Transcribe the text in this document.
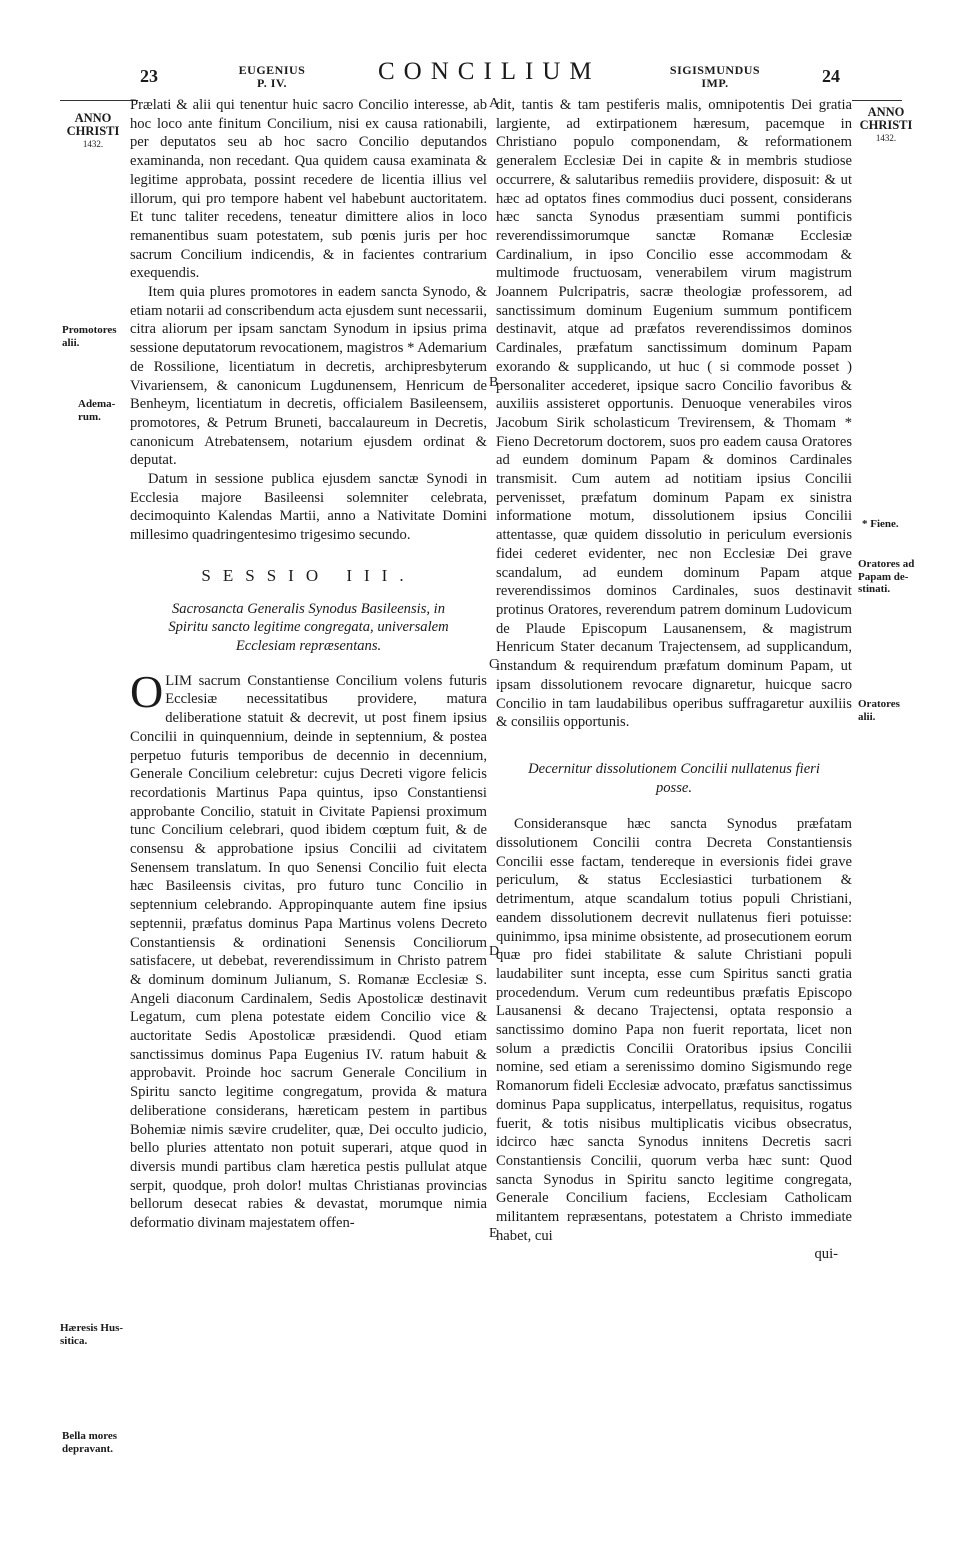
23	EUGENIUS
P. IV.	CONCILIUM	SIGISMUNDUS
IMP.	24
ANNO
CHRISTI
1432.
Promotores
alii.
Adema-
rum.
Hæresis Hus-
sitica.
Bella mores
depravant.
ANNO
CHRISTI
1432.
* Fiene.
Oratores ad
Papam de-
stinati.
Oratores
alii.
A
B
C
D
E

Prælati & alii qui tenentur huic sacro Concilio interesse, ab hoc loco ante finitum Concilium, nisi ex causa rationabili, per deputatos seu ab hoc sacro Concilio deputandos examinanda, non recedant. Qua quidem causa examinata & legitime approbata, possint recedere de licentia illius vel illorum, qui pro tempore habent vel habebunt auctoritatem. Et tunc taliter recedens, teneatur dimittere alios in loco remanentibus suam potestatem, sub pœnis juris per hoc sacrum Concilium indicendis, & in facientes contrarium exequendis.

Item quia plures promotores in eadem sancta Synodo, & etiam notarii ad conscribendum acta ejusdem sunt necessarii, citra aliorum per ipsam sanctam Synodum in ipsius prima sessione deputatorum revocationem, magistros * Ademarium de Rossilione, licentiatum in decretis, archipresbyterum Vivariensem, & canonicum Lugdunensem, Henricum de Benheym, licentiatum in decretis, officialem Basileensem, promotores, & Petrum Bruneti, baccalaureum in Decretis, canonicum Atrebatensem, notarium ejusdem ordinat & deputat.

Datum in sessione publica ejusdem sanctæ Synodi in Ecclesia majore Basileensi solemniter celebrata, decimoquinto Kalendas Martii, anno a Nativitate Domini millesimo quadringentesimo trigesimo secundo.

SESSIO III.
Sacrosancta Generalis Synodus Basileensis, in Spiritu sancto legitime congregata, universalem Ecclesiam repræsentans.
O LIM sacrum Constantiense Concilium volens futuris Ecclesiæ necessitatibus providere, matura deliberatione statuit & decrevit, ut post finem ipsius Concilii in quinquennium, deinde in septennium, & postea perpetuo futuris temporibus de decennio in decennium, Generale Concilium celebretur: cujus Decreti vigore felicis recordationis Martinus Papa quintus, ipso Constantiensi approbante Concilio, statuit in Civitate Papiensi proximum tunc Concilium celebrari, quod ibidem cœptum fuit, & de consensu & approbatione ipsius Concilii ad civitatem Senensem translatum. In quo Senensi Concilio fuit electa hæc Basileensis civitas, pro futuro tunc Concilio in septennium celebrando. Appropinquante autem fine ipsius septennii, præfatus dominus Papa Martinus volens Decreto Constantiensis & ordinationi Senensis Conciliorum satisfacere, ut debebat, reverendissimum in Christo patrem & dominum dominum Julianum, S. Romanæ Ecclesiæ S. Angeli diaconum Cardinalem, Sedis Apostolicæ destinavit Legatum, cum plena potestate eidem Concilio vice & auctoritate Sedis Apostolicæ præsidendi. Quod etiam sanctissimus dominus Papa Eugenius IV. ratum habuit & approbavit. Proinde hoc sacrum Generale Concilium in Spiritu sancto legitime congregatum, provida & matura deliberatione considerans, hæreticam pestem in partibus Bohemiæ nimis sævire crudeliter, quæ, Dei occulto judicio, bello pluries attentato non potuit superari, atque quod in diversis mundi partibus clam hæretica pestis pullulat atque serpit, quodque, proh dolor! multas Christianas provincias bellorum desecat rabies & devastat, morumque nimia deformatio divinam majestatem offen-

dit, tantis & tam pestiferis malis, omnipotentis Dei gratia largiente, ad extirpationem hæresum, pacemque in Christiano populo componendam, & reformationem generalem Ecclesiæ Dei in capite & in membris studiose occurrere, & salutaribus remediis providere, disposuit: & ut hæc ad optatos fines commodius duci possent, considerans hæc sancta Synodus præsentiam summi pontificis reverendissimorumque sanctæ Romanæ Ecclesiæ Cardinalium, in ipso Concilio esse accommodam & multimode fructuosam, venerabilem virum magistrum Joannem Pulcripatris, sacræ theologiæ professorem, ad sanctissimum dominum Eugenium summum pontificem destinavit, atque ad præfatos reverendissimos dominos Cardinales, præfatum sanctissimum dominum Papam exorando & supplicando, ut huc ( si commode posset ) personaliter accederet, ipsique sacro Concilio favoribus & auxiliis assisteret opportunis. Denuoque venerabiles viros Jacobum Sirik scholasticum Trevirensem, & Thomam * Fieno Decretorum doctorem, suos pro eadem causa Oratores ad eundem dominum Papam & dominos Cardinales transmisit. Cum autem ad notitiam ipsius Concilii pervenisset, præfatum dominum Papam ex sinistra informatione motum, dissolutionem ipsius Concilii attentasse, quæ quidem dissolutio in periculum eversionis fidei cederet evidenter, nec non Ecclesiæ Dei grave scandalum, ad eundem dominum Papam atque reverendissimos dominos Cardinales, suos destinavit protinus Oratores, reverendum patrem dominum Ludovicum de Plaude Episcopum Lausanensem, & magistrum Henricum Stater decanum Trajectensem, ad supplicandum, instandum & requirendum præfatum dominum Papam, ut ipsam dissolutionem revocare dignaretur, huicque sacro Concilio in tam laudabilibus operibus suffragaretur auxiliis & consiliis opportunis.

Decernitur dissolutionem Concilii nullatenus fieri posse.

Consideransque hæc sancta Synodus præfatam dissolutionem Concilii contra Decreta Constantiensis Concilii esse factam, tendereque in eversionis fidei grave periculum, & status Ecclesiastici turbationem & detrimentum, atque scandalum totius populi Christiani, eandem dissolutionem decrevit nullatenus fieri potuisse: quinimmo, ipsa minime obsistente, ad prosecutionem eorum quæ pro fidei stabilitate & salute Christiani populi laudabiliter sunt incepta, esse cum Spiritus sancti gratia procedendum. Verum cum redeuntibus præfatis Episcopo Lausanensi & decano Trajectensi, optata responsio a sanctissimo domino Papa non fuerit reportata, licet non solum a prædictis Concilii Oratoribus ipsius Concilii nomine, sed etiam a serenissimo domino Sigismundo rege Romanorum fideli Ecclesiæ advocato, præfatus sanctissimus dominus Papa supplicatus, interpellatus, requisitus, rogatus fuerit, & totis nisibus multiplicatis vicibus obsecratus, idcirco hæc sancta Synodus innitens Decretis sacri Constantiensis Concilii, quorum verba hæc sunt: Quod sancta Synodus in Spiritu sancto legitime congregata, Generale Concilium faciens, Ecclesiam Catholicam militantem repræsentans, potestatem a Christo immediate habet, cui

qui-
